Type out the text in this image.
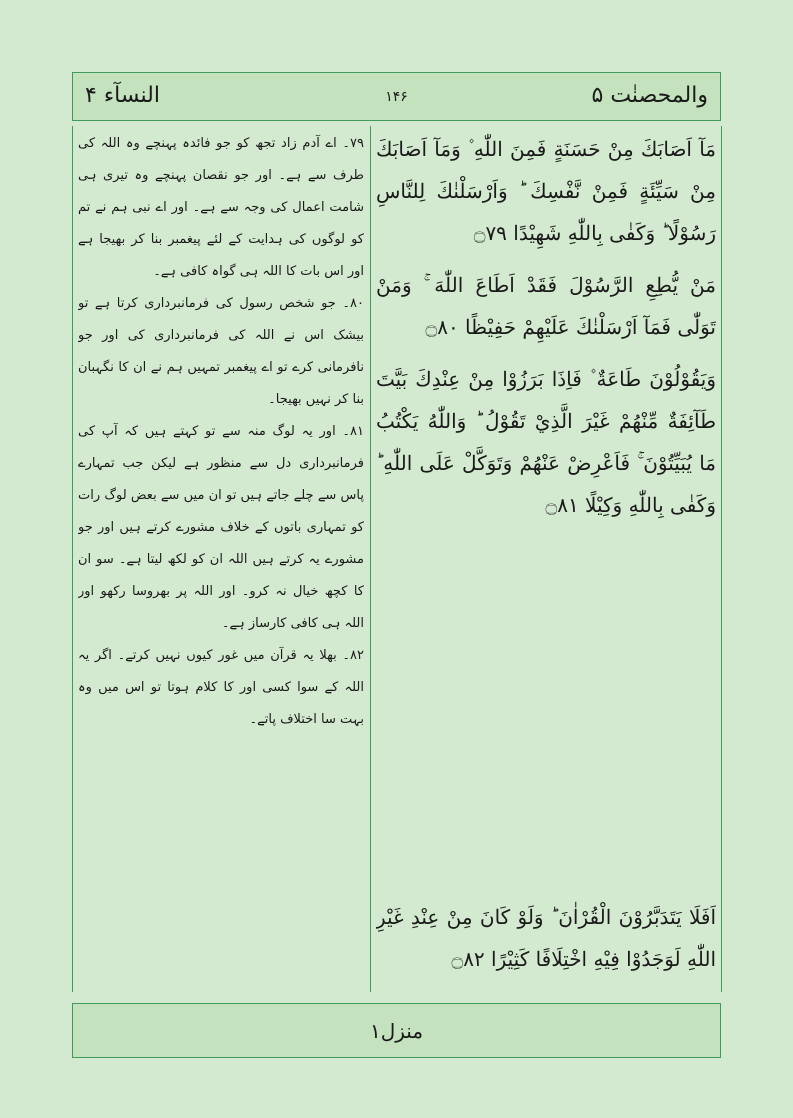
والمحصنٰت ۵
۱۴۶
النسآء ۴
مَآ اَصَابَكَ مِنْ حَسَنَةٍ فَمِنَ اللّٰهِ ۫ وَمَآ اَصَابَكَ مِنْ سَيِّئَةٍ فَمِنْ نَّفْسِكَ ؕ وَاَرْسَلْنٰكَ لِلنَّاسِ رَسُوْلًا ؕ وَكَفٰى بِاللّٰهِ شَهِيْدًا ۝٧٩
مَنْ يُّطِعِ الرَّسُوْلَ فَقَدْ اَطَاعَ اللّٰهَ ۚ وَمَنْ تَوَلّٰى فَمَآ اَرْسَلْنٰكَ عَلَيْهِمْ حَفِيْظًا ۝٨٠
وَيَقُوْلُوْنَ طَاعَةٌ ۫ فَاِذَا بَرَزُوْا مِنْ عِنْدِكَ بَيَّتَ طَآئِفَةٌ مِّنْهُمْ غَيْرَ الَّذِيْ تَقُوْلُ ؕ وَاللّٰهُ يَكْتُبُ مَا يُبَيِّتُوْنَ ۚ فَاَعْرِضْ عَنْهُمْ وَتَوَكَّلْ عَلَى اللّٰهِ ؕ وَكَفٰى بِاللّٰهِ وَكِيْلًا ۝٨١
اَفَلَا يَتَدَبَّرُوْنَ الْقُرْاٰنَ ؕ وَلَوْ كَانَ مِنْ عِنْدِ غَيْرِ اللّٰهِ لَوَجَدُوْا فِيْهِ اخْتِلَافًا كَثِيْرًا ۝٨٢
۷۹۔ اے آدم زاد تجھ کو جو فائدہ پہنچے وہ اللہ کی طرف سے ہے۔ اور جو نقصان پہنچے وہ تیری ہی شامت اعمال کی وجہ سے ہے۔ اور اے نبی ہم نے تم کو لوگوں کی ہدایت کے لئے پیغمبر بنا کر بھیجا ہے اور اس بات کا اللہ ہی گواہ کافی ہے۔
۸۰۔ جو شخص رسول کی فرمانبرداری کرتا ہے تو بیشک اس نے اللہ کی فرمانبرداری کی اور جو نافرمانی کرے تو اے پیغمبر تمہیں ہم نے ان کا نگہبان بنا کر نہیں بھیجا۔
۸۱۔ اور یہ لوگ منہ سے تو کہتے ہیں کہ آپ کی فرمانبرداری دل سے منظور ہے لیکن جب تمہارے پاس سے چلے جاتے ہیں تو ان میں سے بعض لوگ رات کو تمہاری باتوں کے خلاف مشورے کرتے ہیں اور جو مشورے یہ کرتے ہیں اللہ ان کو لکھ لیتا ہے۔ سو ان کا کچھ خیال نہ کرو۔ اور اللہ پر بھروسا رکھو اور اللہ ہی کافی کارساز ہے۔
۸۲۔ بھلا یہ قرآن میں غور کیوں نہیں کرتے۔ اگر یہ اللہ کے سوا کسی اور کا کلام ہوتا تو اس میں وہ بہت سا اختلاف پاتے۔
منزل۱
